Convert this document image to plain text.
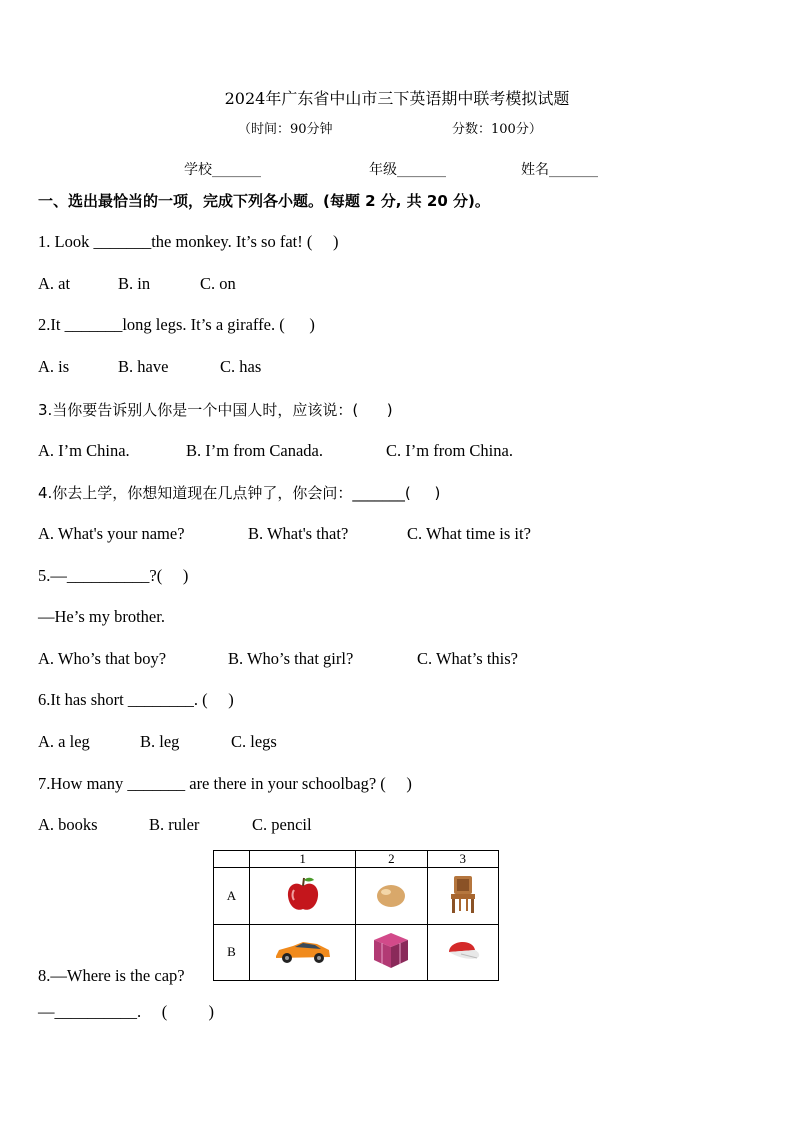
2024年广东省中山市三下英语期中联考模拟试题
（时间：90分钟	分数：100分）
学校_______	年级_______	姓名_______
一、选出最恰当的一项，完成下列各小题。(每题 2 分, 共 20 分)。
1. Look _______the monkey. It’s so fat! (     )
A. at	B. in	C. on
2.It _______long legs. It’s a giraffe. (      )
A. is	B. have	C. has
3.当你要告诉别人你是一个中国人时，应该说：(      )
A. I’m China.	B. I’m from Canada.	C. I’m from China.
4.你去上学，你想知道现在几点钟了，你会问：_______(     )
A. What's your name?	B. What's that?	C. What time is it?
5.—__________?(     )
—He’s my brother.
A. Who’s that boy?	B. Who’s that girl?	C. What’s this?
6.It has short ________. (     )
A. a leg	B. leg	C. legs
7.How many _______ are there in your schoolbag? (     )
A. books	B. ruler	C. pencil
	1	2	3
A			
B			
8.—Where is the cap?
—__________.     (          )
